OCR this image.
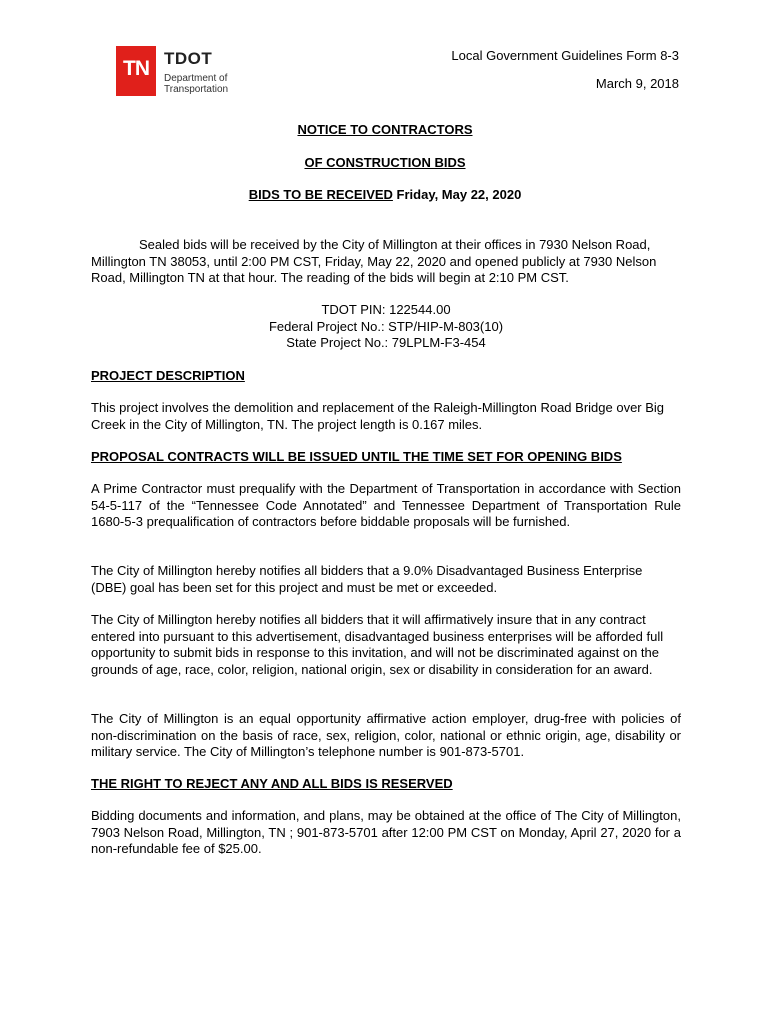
TN TDOT
Department of
Transportation
Local Government Guidelines Form 8-3
March 9, 2018
NOTICE TO CONTRACTORS
OF CONSTRUCTION BIDS
BIDS TO BE RECEIVED Friday, May 22, 2020
Sealed bids will be received by the City of Millington at their offices in 7930 Nelson Road, Millington TN 38053, until 2:00 PM CST, Friday, May 22, 2020 and opened publicly at 7930 Nelson Road, Millington TN at that hour. The reading of the bids will begin at 2:10 PM CST.
TDOT PIN: 122544.00
Federal Project No.: STP/HIP-M-803(10)
State Project No.: 79LPLM-F3-454
PROJECT DESCRIPTION
This project involves the demolition and replacement of the Raleigh-Millington Road Bridge over Big Creek in the City of Millington, TN. The project length is 0.167 miles.
PROPOSAL CONTRACTS WILL BE ISSUED UNTIL THE TIME SET FOR OPENING BIDS
A Prime Contractor must prequalify with the Department of Transportation in accordance with Section 54-5-117 of the “Tennessee Code Annotated” and Tennessee Department of Transportation Rule 1680-5-3 prequalification of contractors before biddable proposals will be furnished.
The City of Millington hereby notifies all bidders that a 9.0% Disadvantaged Business Enterprise (DBE) goal has been set for this project and must be met or exceeded.
The City of Millington hereby notifies all bidders that it will affirmatively insure that in any contract entered into pursuant to this advertisement, disadvantaged business enterprises will be afforded full opportunity to submit bids in response to this invitation, and will not be discriminated against on the grounds of age, race, color, religion, national origin, sex or disability in consideration for an award.
The City of Millington is an equal opportunity affirmative action employer, drug-free with policies of non-discrimination on the basis of race, sex, religion, color, national or ethnic origin, age, disability or military service. The City of Millington’s telephone number is 901-873-5701.
THE RIGHT TO REJECT ANY AND ALL BIDS IS RESERVED
Bidding documents and information, and plans, may be obtained at the office of The City of Millington, 7903 Nelson Road, Millington, TN ; 901-873-5701 after 12:00 PM CST on Monday, April 27, 2020 for a non-refundable fee of $25.00.
